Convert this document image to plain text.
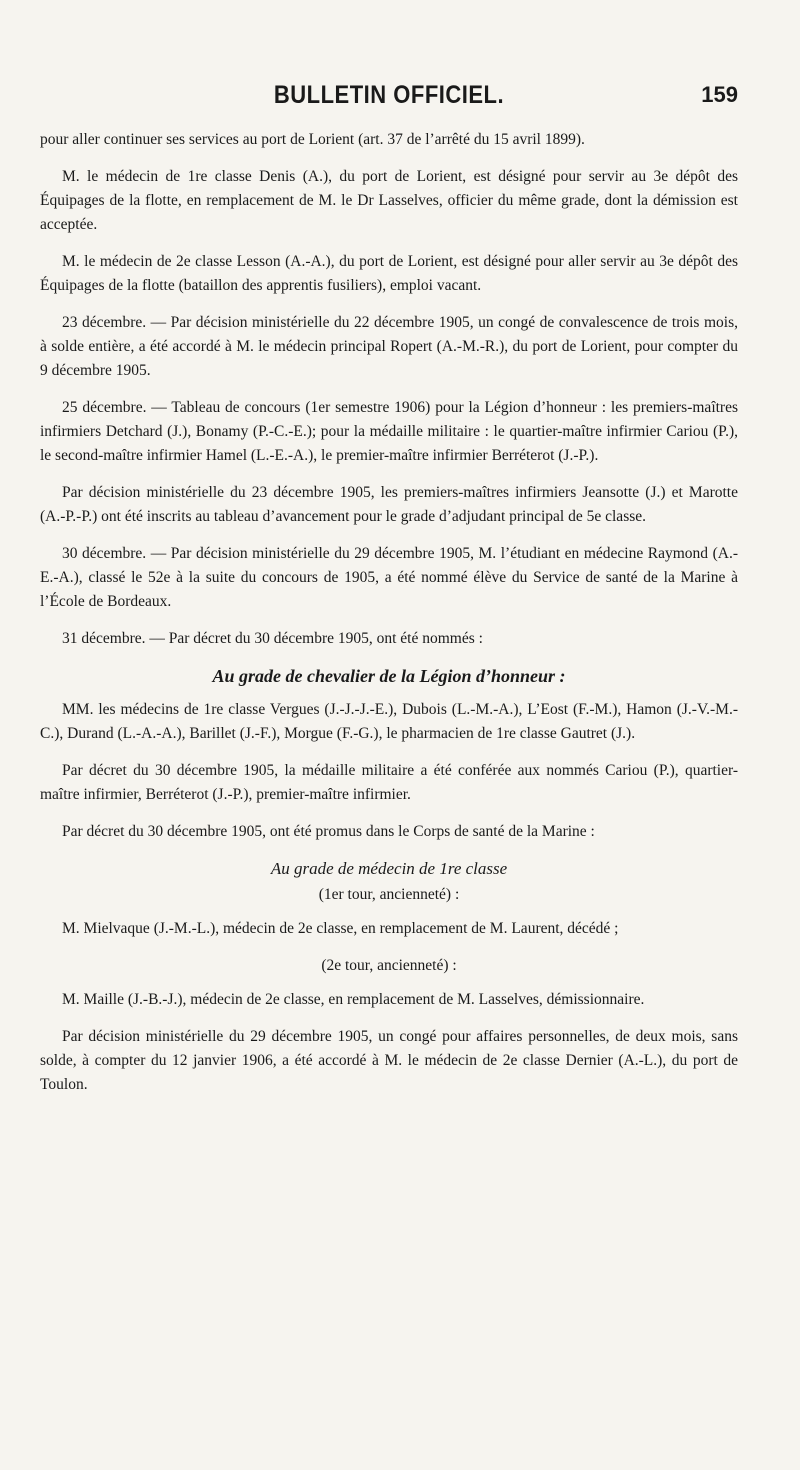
BULLETIN OFFICIEL.	159

pour aller continuer ses services au port de Lorient (art. 37 de l’arrêté du 15 avril 1899).

M. le médecin de 1re classe Denis (A.), du port de Lorient, est désigné pour servir au 3e dépôt des Équipages de la flotte, en remplacement de M. le Dr Lasselves, officier du même grade, dont la démission est acceptée.

M. le médecin de 2e classe Lesson (A.-A.), du port de Lorient, est désigné pour aller servir au 3e dépôt des Équipages de la flotte (bataillon des apprentis fusiliers), emploi vacant.

23 décembre. — Par décision ministérielle du 22 décembre 1905, un congé de convalescence de trois mois, à solde entière, a été accordé à M. le médecin principal Ropert (A.-M.-R.), du port de Lorient, pour compter du 9 décembre 1905.

25 décembre. — Tableau de concours (1er semestre 1906) pour la Légion d’honneur : les premiers-maîtres infirmiers Detchard (J.), Bonamy (P.-C.-E.); pour la médaille militaire : le quartier-maître infirmier Cariou (P.), le second-maître infirmier Hamel (L.-E.-A.), le premier-maître infirmier Berréterot (J.-P.).

Par décision ministérielle du 23 décembre 1905, les premiers-maîtres infirmiers Jeansotte (J.) et Marotte (A.-P.-P.) ont été inscrits au tableau d’avancement pour le grade d’adjudant principal de 5e classe.

30 décembre. — Par décision ministérielle du 29 décembre 1905, M. l’étudiant en médecine Raymond (A.-E.-A.), classé le 52e à la suite du concours de 1905, a été nommé élève du Service de santé de la Marine à l’École de Bordeaux.

31 décembre. — Par décret du 30 décembre 1905, ont été nommés :

Au grade de chevalier de la Légion d’honneur :

MM. les médecins de 1re classe Vergues (J.-J.-J.-E.), Dubois (L.-M.-A.), L’Eost (F.-M.), Hamon (J.-V.-M.-C.), Durand (L.-A.-A.), Barillet (J.-F.), Morgue (F.-G.), le pharmacien de 1re classe Gautret (J.).

Par décret du 30 décembre 1905, la médaille militaire a été conférée aux nommés Cariou (P.), quartier-maître infirmier, Berréterot (J.-P.), premier-maître infirmier.

Par décret du 30 décembre 1905, ont été promus dans le Corps de santé de la Marine :

Au grade de médecin de 1re classe
(1er tour, ancienneté) :

M. Mielvaque (J.-M.-L.), médecin de 2e classe, en remplacement de M. Laurent, décédé ;

(2e tour, ancienneté) :

M. Maille (J.-B.-J.), médecin de 2e classe, en remplacement de M. Lasselves, démissionnaire.

Par décision ministérielle du 29 décembre 1905, un congé pour affaires personnelles, de deux mois, sans solde, à compter du 12 janvier 1906, a été accordé à M. le médecin de 2e classe Dernier (A.-L.), du port de Toulon.
